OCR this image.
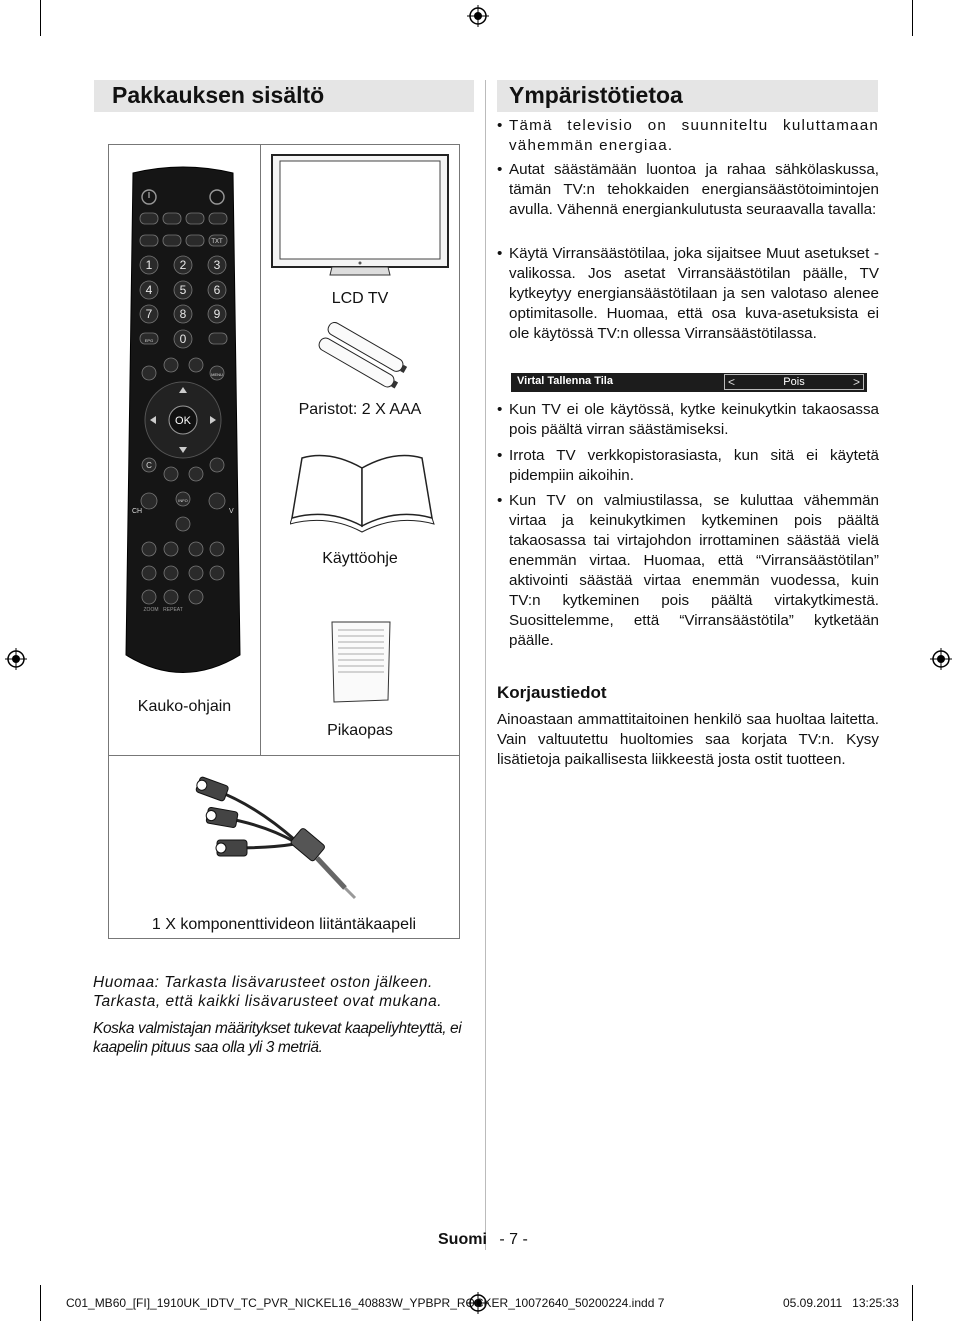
Pakkauksen sisältö	Ympäristötietoa
1 2 3
4 5 6
7 8 9
0
TXT
EPG
MENU
OK
C
INFO
CH	V
ZOOM REPEAT
LCD TV
Paristot: 2 X AAA
Käyttöohje
Kauko-ohjain
Pikaopas
1 X komponenttivideon liitäntäkaapeli
• Tämä televisio on suunniteltu kuluttamaan vähemmän energiaa.
• Autat säästämään luontoa ja rahaa sähkölaskussa, tämän TV:n tehokkaiden energiansäästötoimintojen avulla. Vähennä energiankulutusta seuraavalla tavalla:
• Käytä Virransäästötilaa, joka sijaitsee Muut asetukset -valikossa. Jos asetat Virransäästötilan päälle, TV kytkeytyy energiansäästötilaan ja sen valotaso alenee optimitasolle. Huomaa, että osa kuva-asetuksista ei ole käytössä TV:n ollessa Virransäästötilassa.
Virtal Tallenna Tila	<	Pois	>
• Kun TV ei ole käytössä, kytke keinukytkin takaosassa pois päältä virran säästämiseksi.
• Irrota TV verkkopistorasiasta, kun sitä ei käytetä pidempiin aikoihin.
• Kun TV on valmiustilassa, se kuluttaa vähemmän virtaa ja keinukytkimen kytkeminen pois päältä takaosassa tai virtajohdon irrottaminen säästää vielä enemmän virtaa. Huomaa, että “Virransäästötilan” aktivointi säästää virtaa enemmän vuodessa, kuin TV:n kytkeminen pois päältä virtakytkimestä. Suosittelemme, että “Virransäästötila” kytketään päälle.
Korjaustiedot
Ainoastaan ammattitaitoinen henkilö saa huoltaa laitetta. Vain valtuutettu huoltomies saa korjata TV:n. Kysy lisätietoja paikallisesta liikkeestä josta ostit tuotteen.
Huomaa: Tarkasta lisävarusteet oston jälkeen. Tarkasta, että kaikki lisävarusteet ovat mukana.
Koska valmistajan määritykset tukevat kaapeliyhteyttä, ei kaapelin pituus saa olla yli 3 metriä.
Suomi - 7 -
C01_MB60_[FI]_1910UK_IDTV_TC_PVR_NICKEL16_40883W_YPBPR_ROCKER_10072640_50200224.indd 7	05.09.2011   13:25:33
